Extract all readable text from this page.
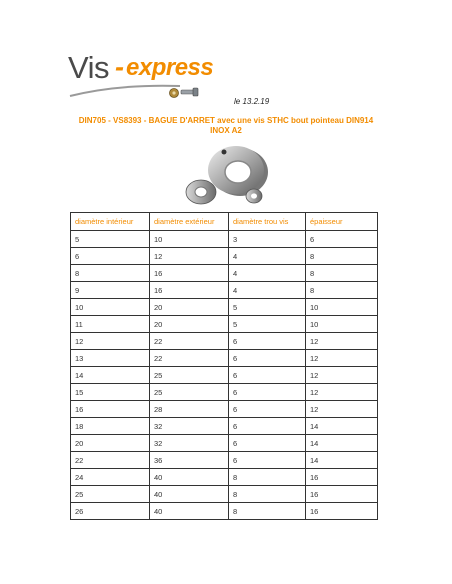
Vis - express
le 13.2.19
DIN705 - VS8393 - BAGUE D'ARRET avec une vis STHC bout pointeau DIN914 INOX A2
diamètre intérieur	diamètre extérieur	diamètre trou vis	épaisseur
5	10	3	6
6	12	4	8
8	16	4	8
9	16	4	8
10	20	5	10
11	20	5	10
12	22	6	12
13	22	6	12
14	25	6	12
15	25	6	12
16	28	6	12
18	32	6	14
20	32	6	14
22	36	6	14
24	40	8	16
25	40	8	16
26	40	8	16
